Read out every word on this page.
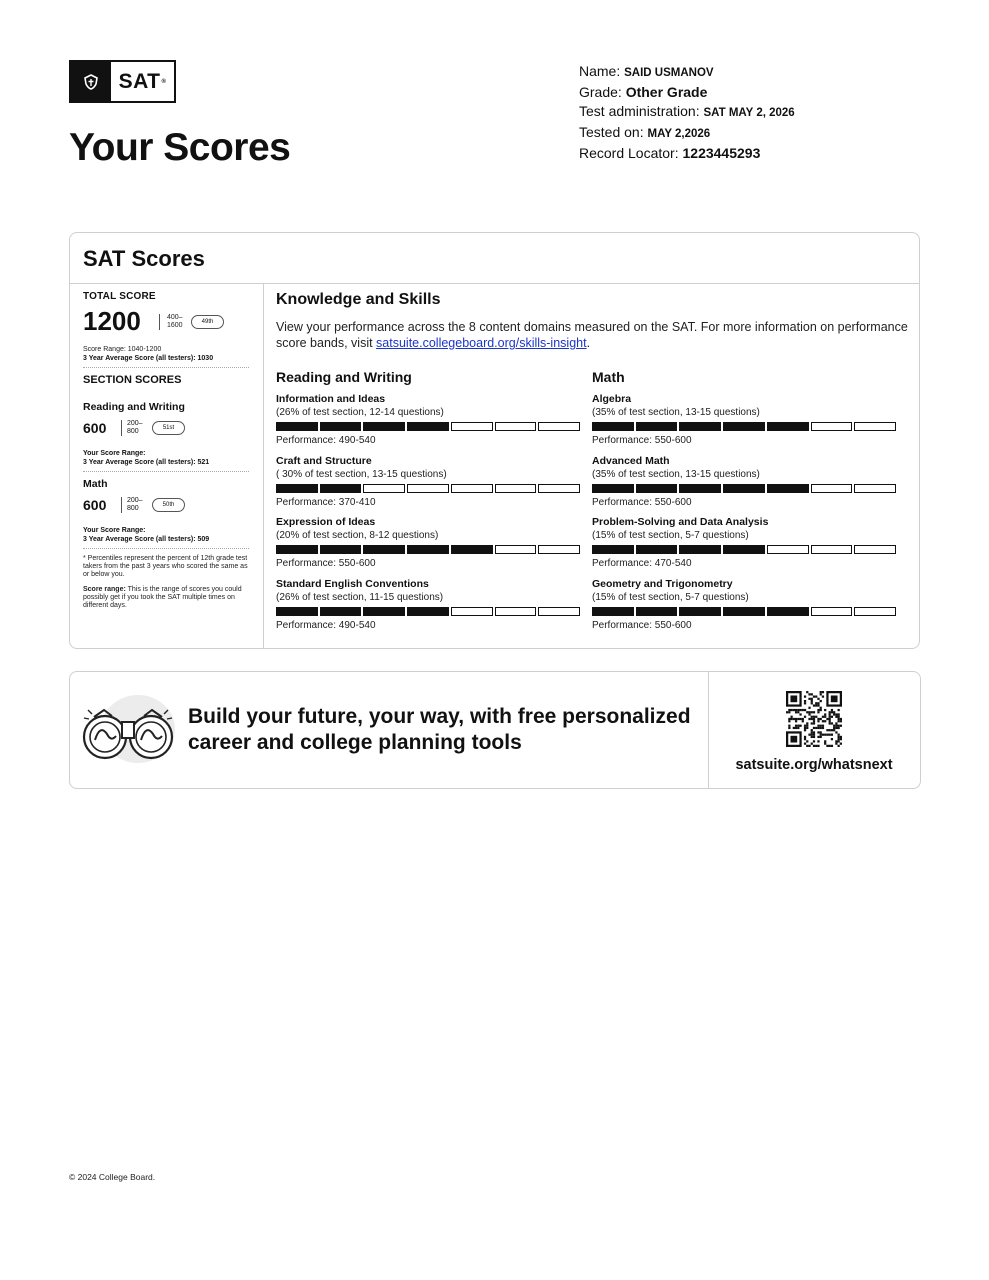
SAT ®
Your Scores
Name: SAID USMANOV
Grade: Other Grade
Test administration: SAT MAY 2, 2026
Tested on: MAY 2,2026
Record Locator: 1223445293
SAT Scores
TOTAL SCORE
1200	400–
1600	49th
Score Range: 1040-1200
3 Year Average Score (all testers): 1030
SECTION SCORES
Reading and Writing
600	200–
800	51st
Your Score Range:
3 Year Average Score (all testers): 521
Math
600	200–
800	50th
Your Score Range:
3 Year Average Score (all testers): 509
* Percentiles represent the percent of 12th grade test takers from the past 3 years who scored the same as or below you.
Score range: This is the range of scores you could possibly get if you took the SAT multiple times on different days.
Knowledge and Skills
View your performance across the 8 content domains measured on the SAT. For more information on performance score bands, visit satsuite.collegeboard.org/skills-insight.
Reading and Writing
Information and Ideas
(26% of test section, 12-14 questions)
Performance: 490-540
Craft and Structure
( 30% of test section, 13-15 questions)
Performance: 370-410
Expression of Ideas
(20% of test section, 8-12 questions)
Performance: 550-600
Standard English Conventions
(26% of test section, 11-15 questions)
Performance: 490-540
Math
Algebra
(35% of test section, 13-15 questions)
Performance: 550-600
Advanced Math
(35% of test section, 13-15 questions)
Performance: 550-600
Problem-Solving and Data Analysis
(15% of test section, 5-7 questions)
Performance: 470-540
Geometry and Trigonometry
(15% of test section, 5-7 questions)
Performance: 550-600
Build your future, your way, with free personalized
career and college planning tools
satsuite.org/whatsnext
© 2024 College Board.
